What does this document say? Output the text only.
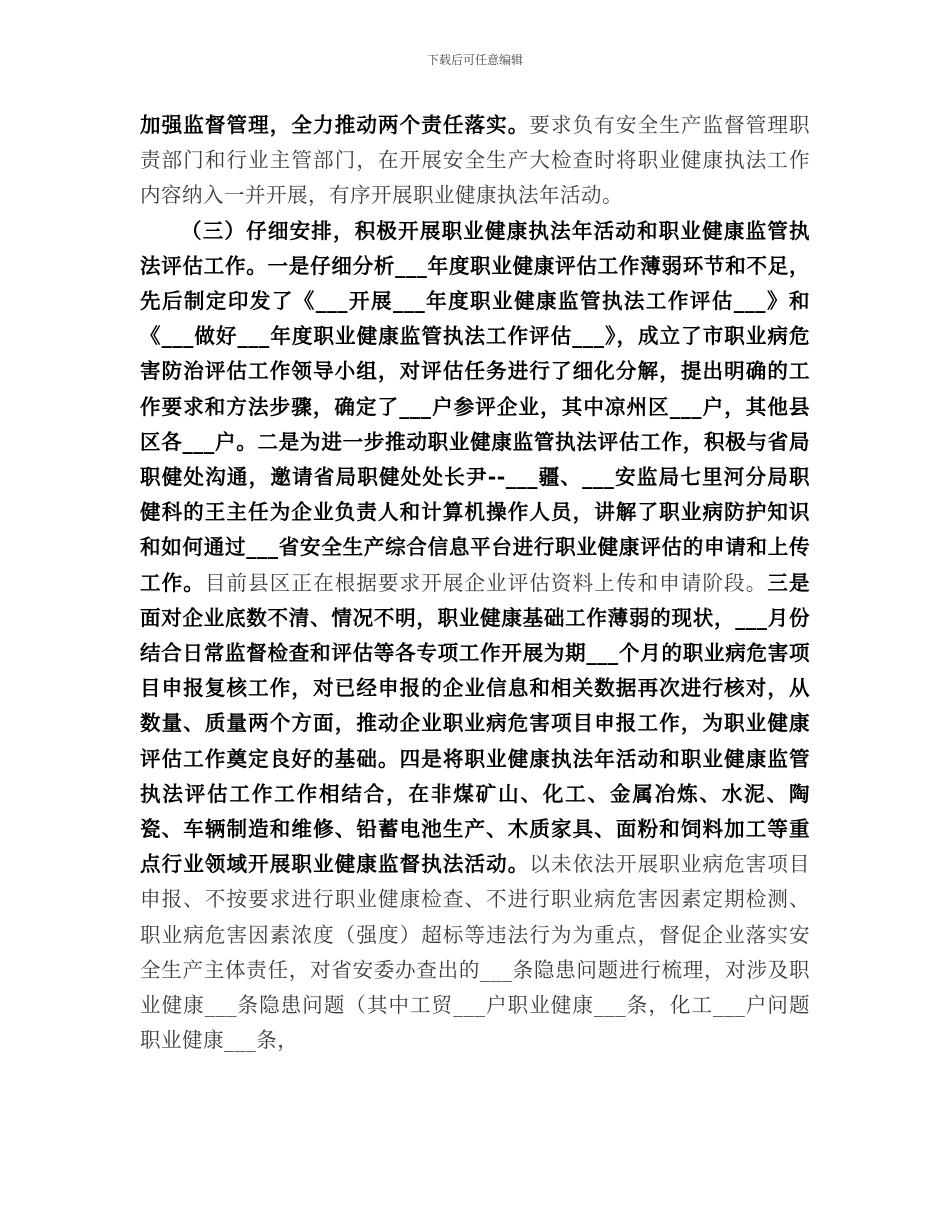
下载后可任意编辑

加强监督管理，全力推动两个责任落实。要求负有安全生产监督管理职责部门和行业主管部门，在开展安全生产大检查时将职业健康执法工作内容纳入一并开展，有序开展职业健康执法年活动。

（三）仔细安排，积极开展职业健康执法年活动和职业健康监管执法评估工作。一是仔细分析___年度职业健康评估工作薄弱环节和不足，先后制定印发了《___开展___年度职业健康监管执法工作评估___》和《___做好___年度职业健康监管执法工作评估___》，成立了市职业病危害防治评估工作领导小组，对评估任务进行了细化分解，提出明确的工作要求和方法步骤，确定了___户参评企业，其中凉州区___户，其他县区各___户。二是为进一步推动职业健康监管执法评估工作，积极与省局职健处沟通，邀请省局职健处处长尹--___疆、___安监局七里河分局职健科的王主任为企业负责人和计算机操作人员，讲解了职业病防护知识和如何通过___省安全生产综合信息平台进行职业健康评估的申请和上传工作。目前县区正在根据要求开展企业评估资料上传和申请阶段。三是面对企业底数不清、情况不明，职业健康基础工作薄弱的现状，___月份结合日常监督检查和评估等各专项工作开展为期___个月的职业病危害项目申报复核工作，对已经申报的企业信息和相关数据再次进行核对，从数量、质量两个方面，推动企业职业病危害项目申报工作，为职业健康评估工作奠定良好的基础。四是将职业健康执法年活动和职业健康监管执法评估工作工作相结合，在非煤矿山、化工、金属冶炼、水泥、陶瓷、车辆制造和维修、铅蓄电池生产、木质家具、面粉和饲料加工等重点行业领域开展职业健康监督执法活动。以未依法开展职业病危害项目申报、不按要求进行职业健康检查、不进行职业病危害因素定期检测、职业病危害因素浓度（强度）超标等违法行为为重点，督促企业落实安全生产主体责任，对省安委办查出的___条隐患问题进行梳理，对涉及职业健康___条隐患问题（其中工贸___户职业健康___条，化工___户问题职业健康___条，
